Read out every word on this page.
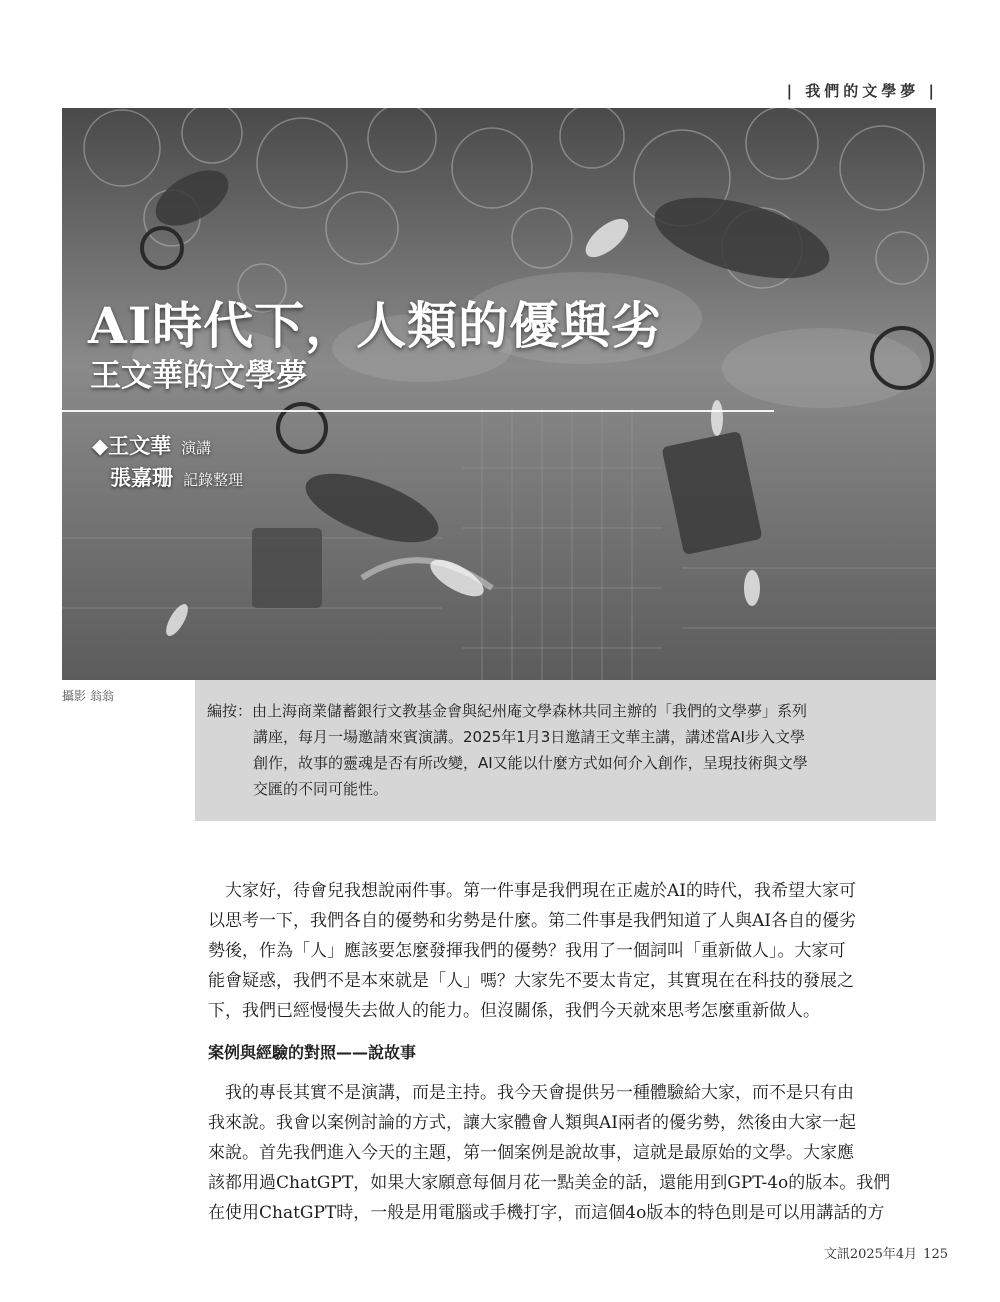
| 我們的文學夢 |
AI時代下，人類的優與劣
王文華的文學夢
◆王文華 演講
張嘉珊 記錄整理
攝影 翁翁
編按：由上海商業儲蓄銀行文教基金會與紀州庵文學森林共同主辦的「我們的文學夢」系列
講座，每月一場邀請來賓演講。2025年1月3日邀請王文華主講，講述當AI步入文學
創作，故事的靈魂是否有所改變，AI又能以什麼方式如何介入創作，呈現技術與文學
交匯的不同可能性。
　大家好，待會兒我想說兩件事。第一件事是我們現在正處於AI的時代，我希望大家可
以思考一下，我們各自的優勢和劣勢是什麼。第二件事是我們知道了人與AI各自的優劣
勢後，作為「人」應該要怎麼發揮我們的優勢？我用了一個詞叫「重新做人」。大家可
能會疑惑，我們不是本來就是「人」嗎？大家先不要太肯定，其實現在在科技的發展之
下，我們已經慢慢失去做人的能力。但沒關係，我們今天就來思考怎麼重新做人。
案例與經驗的對照——說故事
　我的專長其實不是演講，而是主持。我今天會提供另一種體驗給大家，而不是只有由
我來說。我會以案例討論的方式，讓大家體會人類與AI兩者的優劣勢，然後由大家一起
來說。首先我們進入今天的主題，第一個案例是說故事，這就是最原始的文學。大家應
該都用過ChatGPT，如果大家願意每個月花一點美金的話，還能用到GPT-4o的版本。我們
在使用ChatGPT時，一般是用電腦或手機打字，而這個4o版本的特色則是可以用講話的方
文訊2025年4月 125
